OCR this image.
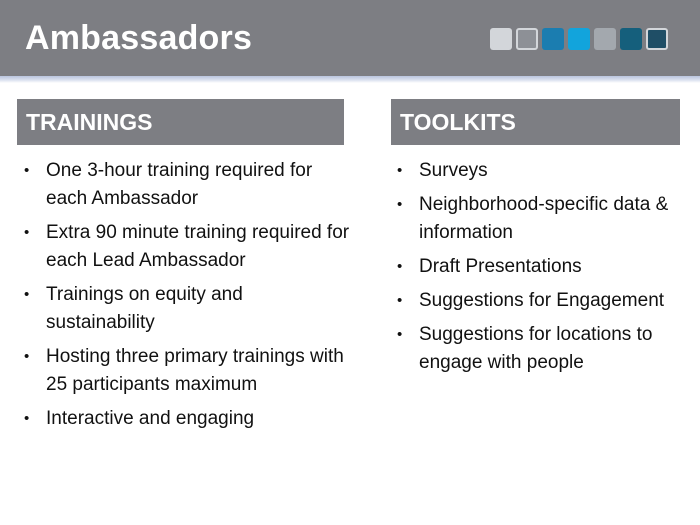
Ambassadors
TRAININGS	TOOLKITS
• One 3-hour training required for each Ambassador
• Extra 90 minute training required for each Lead Ambassador
• Trainings on equity and sustainability
• Hosting three primary trainings with 25 participants maximum
• Interactive and engaging
• Surveys
• Neighborhood-specific data & information
• Draft Presentations
• Suggestions for Engagement
• Suggestions for locations to engage with people
